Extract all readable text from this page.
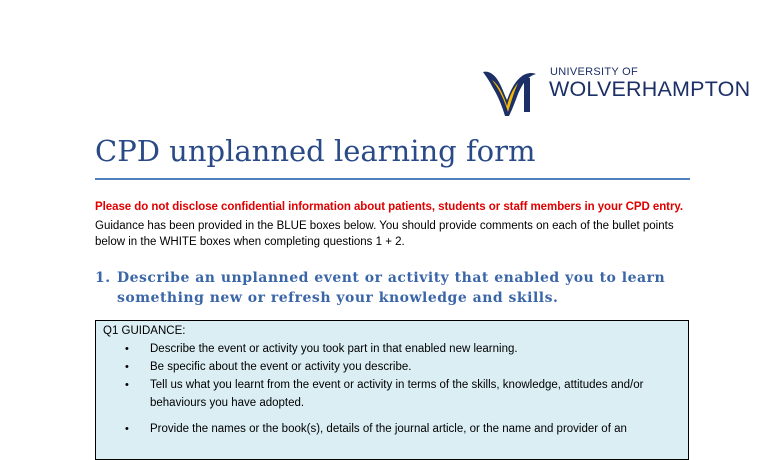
UNIVERSITY OF
WOLVERHAMPTON
CPD unplanned learning form
Please do not disclose confidential information about patients, students or staff members in your CPD entry.
Guidance has been provided in the BLUE boxes below. You should provide comments on each of the bullet points below in the WHITE boxes when completing questions 1 + 2.
1. Describe an unplanned event or activity that enabled you to learn something new or refresh your knowledge and skills.
Q1 GUIDANCE:
• Describe the event or activity you took part in that enabled new learning.
• Be specific about the event or activity you describe.
• Tell us what you learnt from the event or activity in terms of the skills, knowledge, attitudes and/or behaviours you have adopted.
• Provide the names or the book(s), details of the journal article, or the name and provider of an
